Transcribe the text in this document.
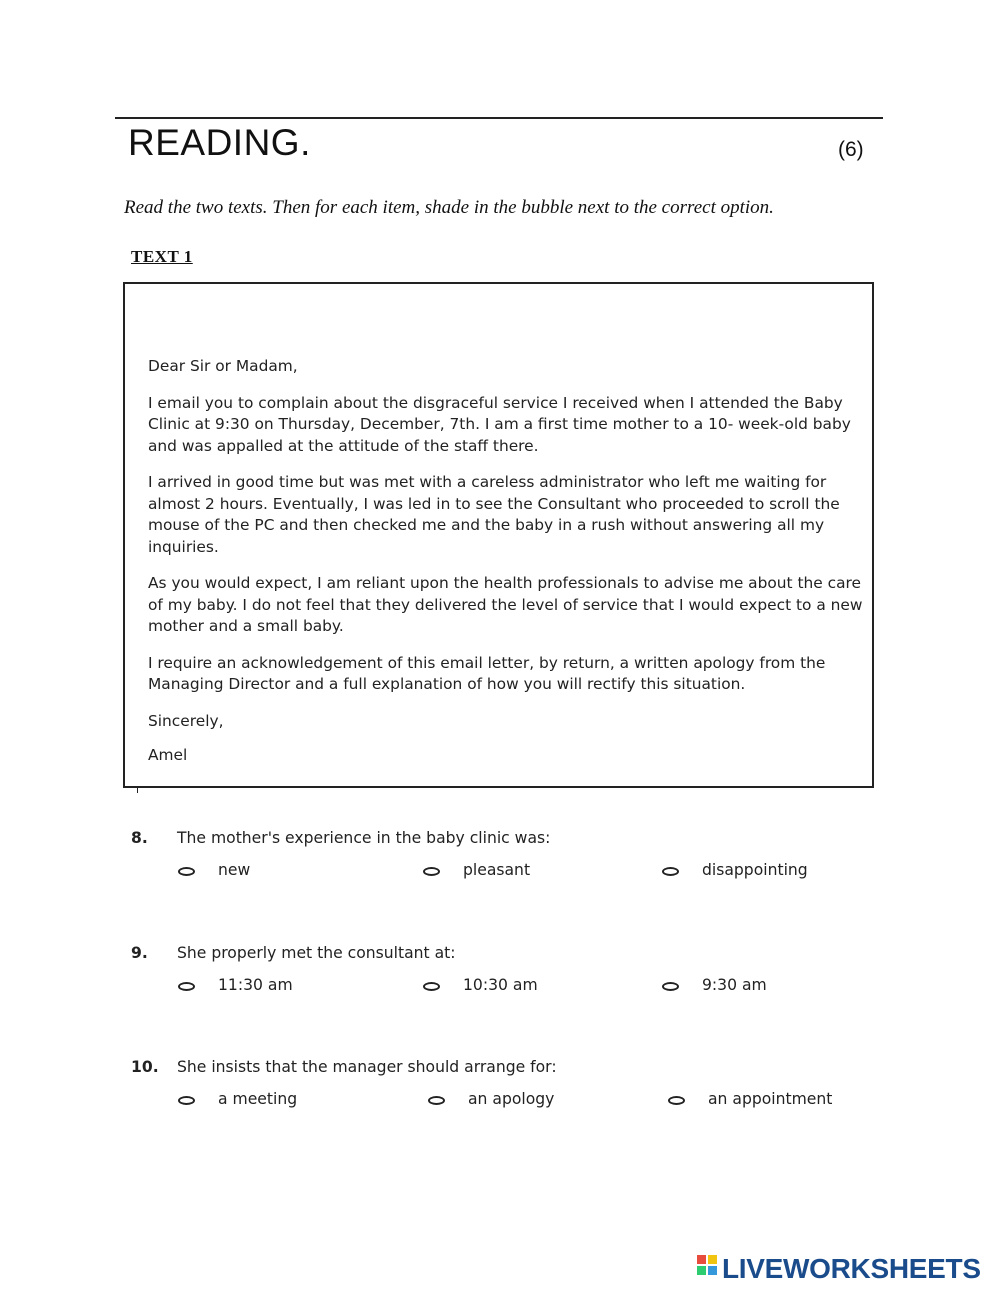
READING.	(6)
Read the two texts. Then for each item, shade in the bubble next to the correct option.
TEXT 1

Dear Sir or Madam,

I email you to complain about the disgraceful service I received when I attended the Baby Clinic at 9:30 on Thursday, December, 7th. I am a first time mother to a 10- week-old baby and was appalled at the attitude of the staff there.

I arrived in good time but was met with a careless administrator who left me waiting for almost 2 hours. Eventually, I was led in to see the Consultant who proceeded to scroll the mouse of the PC and then checked me and the baby in a rush without answering all my inquiries.

As you would expect, I am reliant upon the health professionals to advise me about the care of my baby. I do not feel that they delivered the level of service that I would expect to a new mother and a small baby.

I require an acknowledgement of this email letter, by return, a written apology from the Managing Director and a full explanation of how you will rectify this situation.

Sincerely,

Amel

8. The mother's experience in the baby clinic was:
new	pleasant	disappointing
9. She properly met the consultant at:
11:30 am	10:30 am	9:30 am
10. She insists that the manager should arrange for:
a meeting	an apology	an appointment
LIVEWORKSHEETS
